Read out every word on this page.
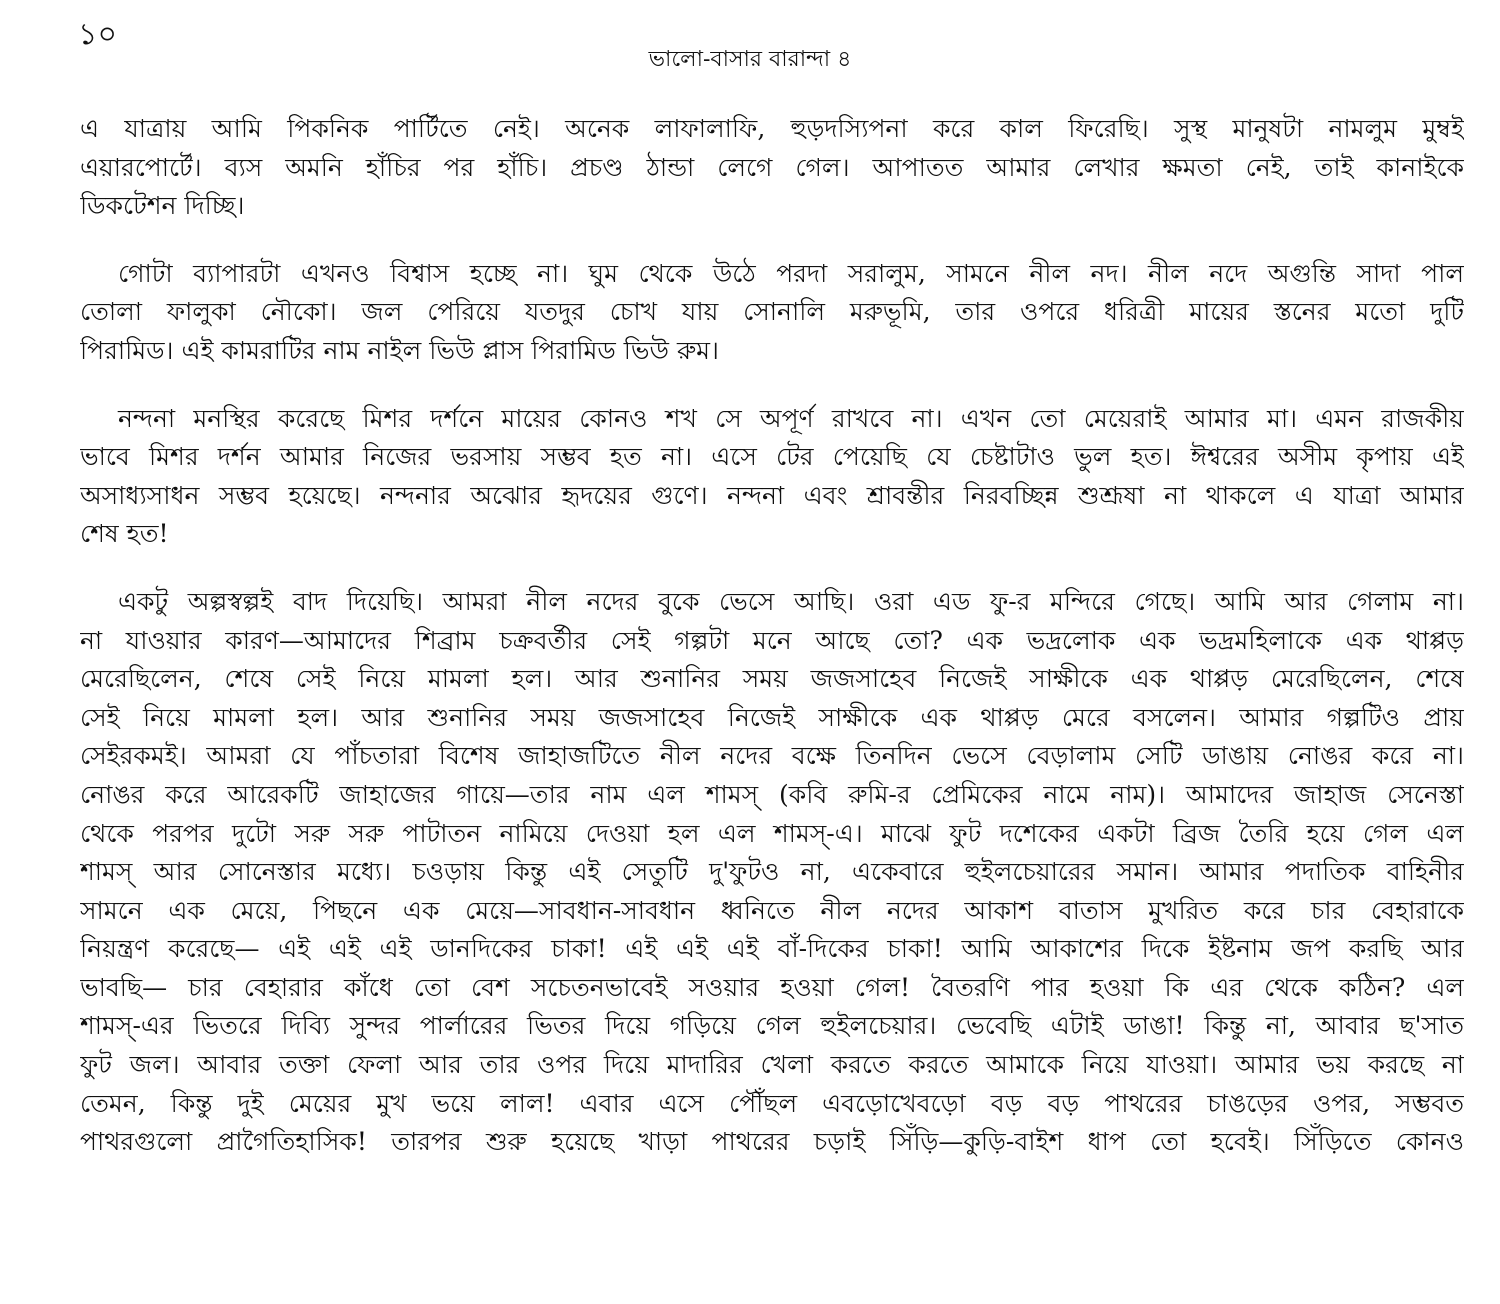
১০
ভালো-বাসার বারান্দা ৪
এ যাত্রায় আমি পিকনিক পার্টিতে নেই। অনেক লাফালাফি, হুড়দস্যিপনা করে কাল ফিরেছি। সুস্থ মানুষটা নামলুম মুম্বই
এয়ারপোর্টে। ব্যস অমনি হাঁচির পর হাঁচি। প্রচণ্ড ঠান্ডা লেগে গেল। আপাতত আমার লেখার ক্ষমতা নেই, তাই কানাইকে
ডিকটেশন দিচ্ছি।
গোটা ব্যাপারটা এখনও বিশ্বাস হচ্ছে না। ঘুম থেকে উঠে পরদা সরালুম, সামনে নীল নদ। নীল নদে অগুন্তি সাদা পাল
তোলা ফালুকা নৌকো। জল পেরিয়ে যতদুর চোখ যায় সোনালি মরুভূমি, তার ওপরে ধরিত্রী মায়ের স্তনের মতো দুটি
পিরামিড। এই কামরাটির নাম নাইল ভিউ প্লাস পিরামিড ভিউ রুম।
নন্দনা মনস্থির করেছে মিশর দর্শনে মায়ের কোনও শখ সে অপূর্ণ রাখবে না। এখন তো মেয়েরাই আমার মা। এমন রাজকীয়
ভাবে মিশর দর্শন আমার নিজের ভরসায় সম্ভব হত না। এসে টের পেয়েছি যে চেষ্টাটাও ভুল হত। ঈশ্বরের অসীম কৃপায় এই
অসাধ্যসাধন সম্ভব হয়েছে। নন্দনার অঝোর হৃদয়ের গুণে। নন্দনা এবং শ্রাবন্তীর নিরবচ্ছিন্ন শুশ্রূষা না থাকলে এ যাত্রা আমার
শেষ হত!
একটু অল্পস্বল্পই বাদ দিয়েছি। আমরা নীল নদের বুকে ভেসে আছি। ওরা এড ফু-র মন্দিরে গেছে। আমি আর গেলাম না।
না যাওয়ার কারণ—আমাদের শিব্রাম চক্রবর্তীর সেই গল্পটা মনে আছে তো? এক ভদ্রলোক এক ভদ্রমহিলাকে এক থাপ্পড়
মেরেছিলেন, শেষে সেই নিয়ে মামলা হল। আর শুনানির সময় জজসাহেব নিজেই সাক্ষীকে এক থাপ্পড় মেরেছিলেন, শেষে
সেই নিয়ে মামলা হল। আর শুনানির সময় জজসাহেব নিজেই সাক্ষীকে এক থাপ্পড় মেরে বসলেন। আমার গল্পটিও প্রায়
সেইরকমই। আমরা যে পাঁচতারা বিশেষ জাহাজটিতে নীল নদের বক্ষে তিনদিন ভেসে বেড়ালাম সেটি ডাঙায় নোঙর করে না।
নোঙর করে আরেকটি জাহাজের গায়ে—তার নাম এল শামস্ (কবি রুমি-র প্রেমিকের নামে নাম)। আমাদের জাহাজ সেনেস্তা
থেকে পরপর দুটো সরু সরু পাটাতন নামিয়ে দেওয়া হল এল শামস্-এ। মাঝে ফুট দশেকের একটা ব্রিজ তৈরি হয়ে গেল এল
শামস্ আর সোনেস্তার মধ্যে। চওড়ায় কিন্তু এই সেতুটি দু'ফুটও না, একেবারে হুইলচেয়ারের সমান। আমার পদাতিক বাহিনীর
সামনে এক মেয়ে, পিছনে এক মেয়ে—সাবধান-সাবধান ধ্বনিতে নীল নদের আকাশ বাতাস মুখরিত করে চার বেহারাকে
নিয়ন্ত্রণ করেছে— এই এই এই ডানদিকের চাকা! এই এই এই বাঁ-দিকের চাকা! আমি আকাশের দিকে ইষ্টনাম জপ করছি আর
ভাবছি— চার বেহারার কাঁধে তো বেশ সচেতনভাবেই সওয়ার হওয়া গেল! বৈতরণি পার হওয়া কি এর থেকে কঠিন? এল
শামস্-এর ভিতরে দিব্যি সুন্দর পার্লারের ভিতর দিয়ে গড়িয়ে গেল হুইলচেয়ার। ভেবেছি এটাই ডাঙা! কিন্তু না, আবার ছ'সাত
ফুট জল। আবার তক্তা ফেলা আর তার ওপর দিয়ে মাদারির খেলা করতে করতে আমাকে নিয়ে যাওয়া। আমার ভয় করছে না
তেমন, কিন্তু দুই মেয়ের মুখ ভয়ে লাল! এবার এসে পৌঁছল এবড়োখেবড়ো বড় বড় পাথরের চাঙড়ের ওপর, সম্ভবত
পাথরগুলো প্রাগৈতিহাসিক! তারপর শুরু হয়েছে খাড়া পাথরের চড়াই সিঁড়ি—কুড়ি-বাইশ ধাপ তো হবেই। সিঁড়িতে কোনও
